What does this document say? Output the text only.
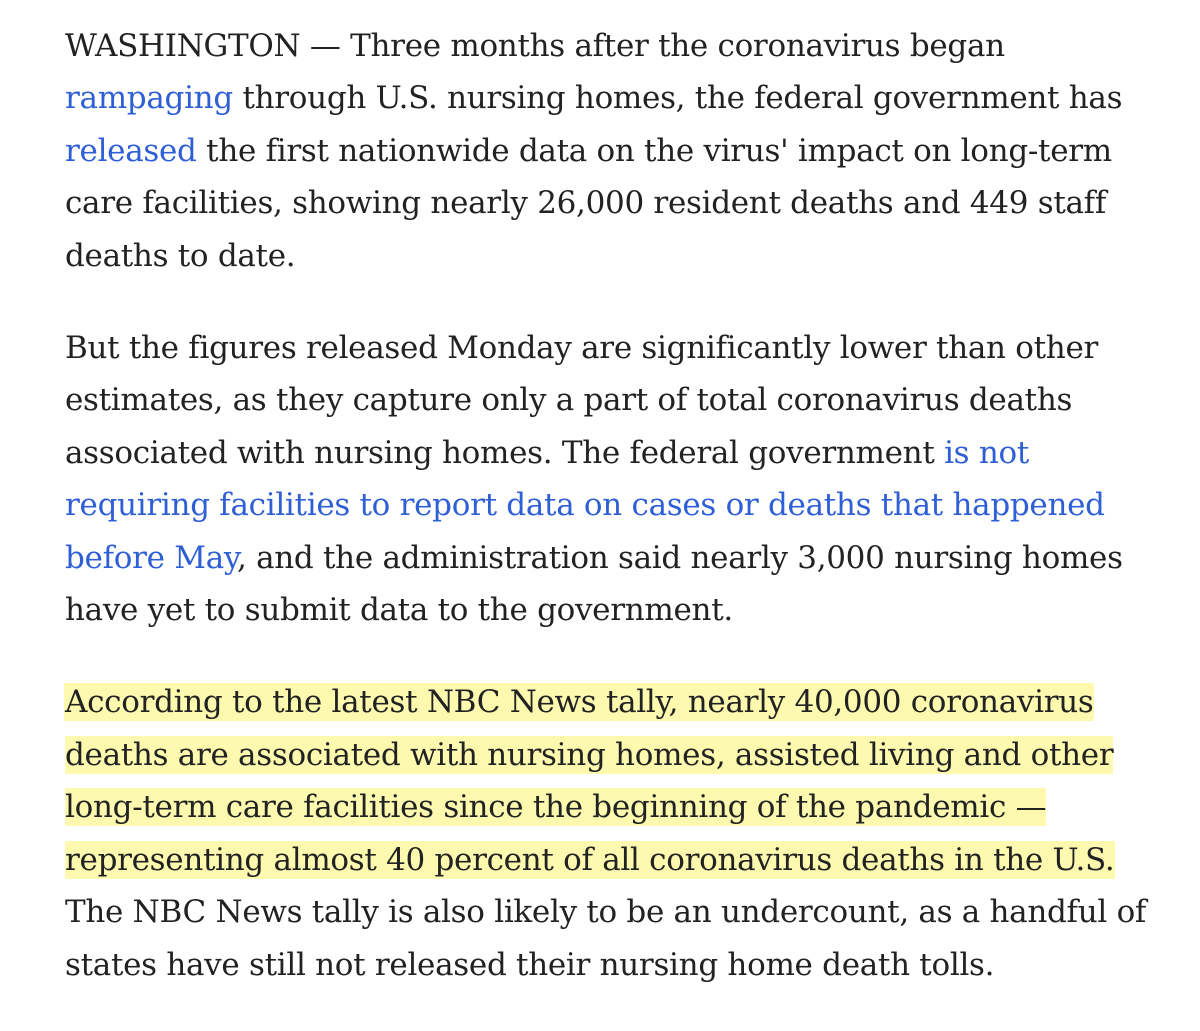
WASHINGTON — Three months after the coronavirus began rampaging through U.S. nursing homes, the federal government has released the first nationwide data on the virus' impact on long-term care facilities, showing nearly 26,000 resident deaths and 449 staff deaths to date.

But the figures released Monday are significantly lower than other estimates, as they capture only a part of total coronavirus deaths associated with nursing homes. The federal government is not requiring facilities to report data on cases or deaths that happened before May, and the administration said nearly 3,000 nursing homes have yet to submit data to the government.

According to the latest NBC News tally, nearly 40,000 coronavirus deaths are associated with nursing homes, assisted living and other long-term care facilities since the beginning of the pandemic — representing almost 40 percent of all coronavirus deaths in the U.S. The NBC News tally is also likely to be an undercount, as a handful of states have still not released their nursing home death tolls.
